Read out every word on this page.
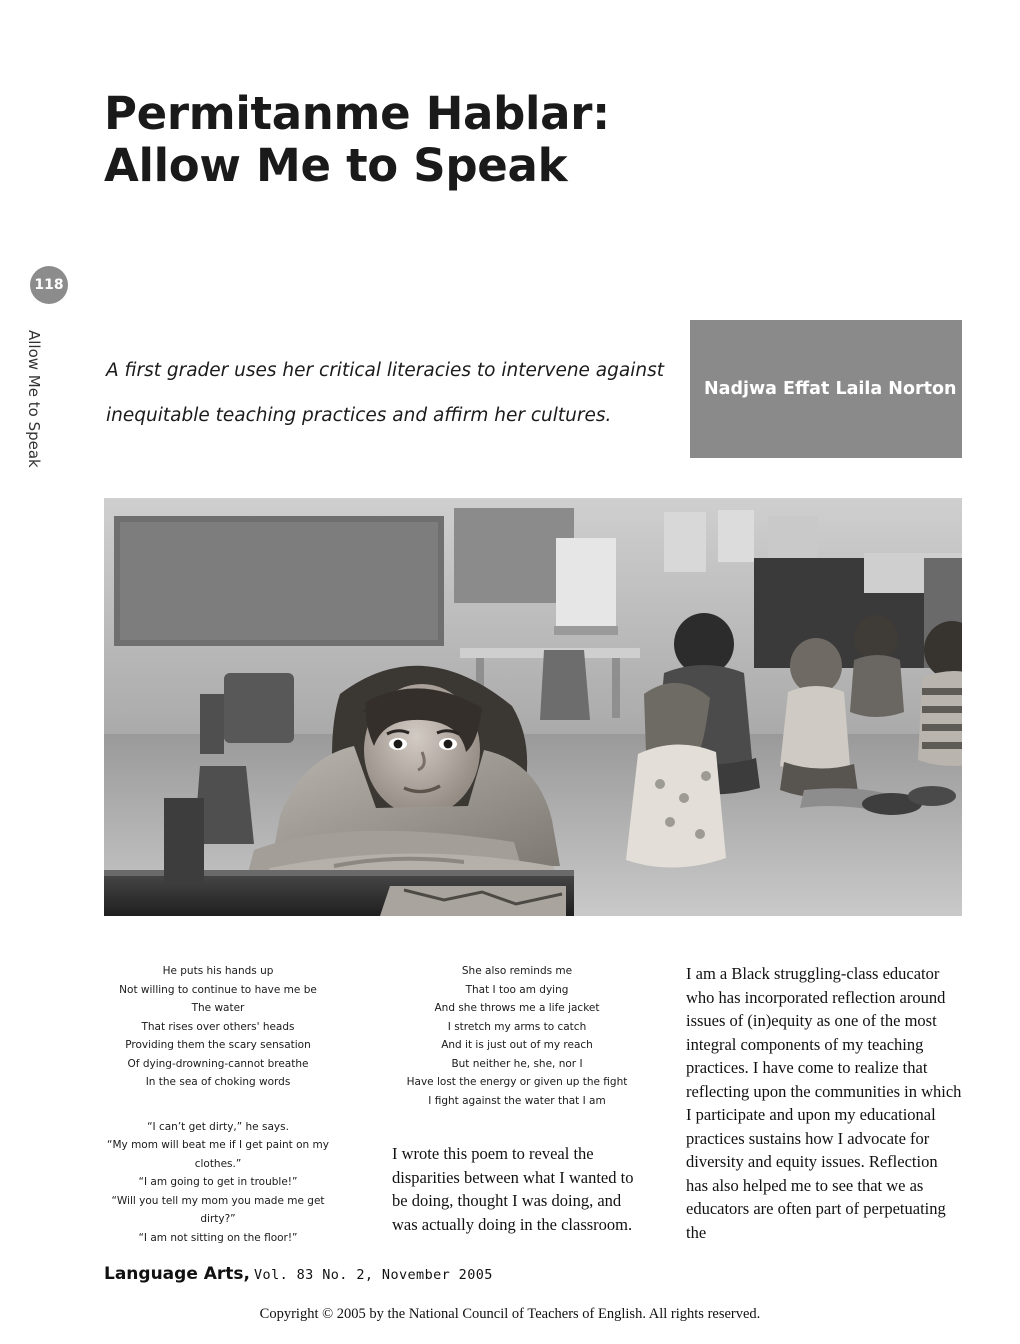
Permitanme Hablar:
Allow Me to Speak
118
Allow Me to Speak	A first grader uses her critical literacies to intervene against
inequitable teaching practices and affirm her cultures.
Nadjwa Effat Laila Norton
He puts his hands up
Not willing to continue to have me be
The water
That rises over others' heads
Providing them the scary sensation
Of dying-drowning-cannot breathe
In the sea of choking words
“I can’t get dirty,” he says.
“My mom will beat me if I get paint on my clothes.”
“I am going to get in trouble!”
“Will you tell my mom you made me get dirty?”
“I am not sitting on the floor!”
She also reminds me
That I too am dying
And she throws me a life jacket
I stretch my arms to catch
And it is just out of my reach
But neither he, she, nor I
Have lost the energy or given up the fight
I fight against the water that I am
I wrote this poem to reveal the disparities between what I wanted to be doing, thought I was doing, and was actually doing in the classroom.
I am a Black struggling-class educator who has incorporated reflection around issues of (in)equity as one of the most integral components of my teaching practices. I have come to realize that reflecting upon the communities in which I participate and upon my educational practices sustains how I advocate for diversity and equity issues. Reflection has also helped me to see that we as educators are often part of perpetuating the
Language Arts, Vol. 83 No. 2, November 2005
Copyright © 2005 by the National Council of Teachers of English. All rights reserved.
